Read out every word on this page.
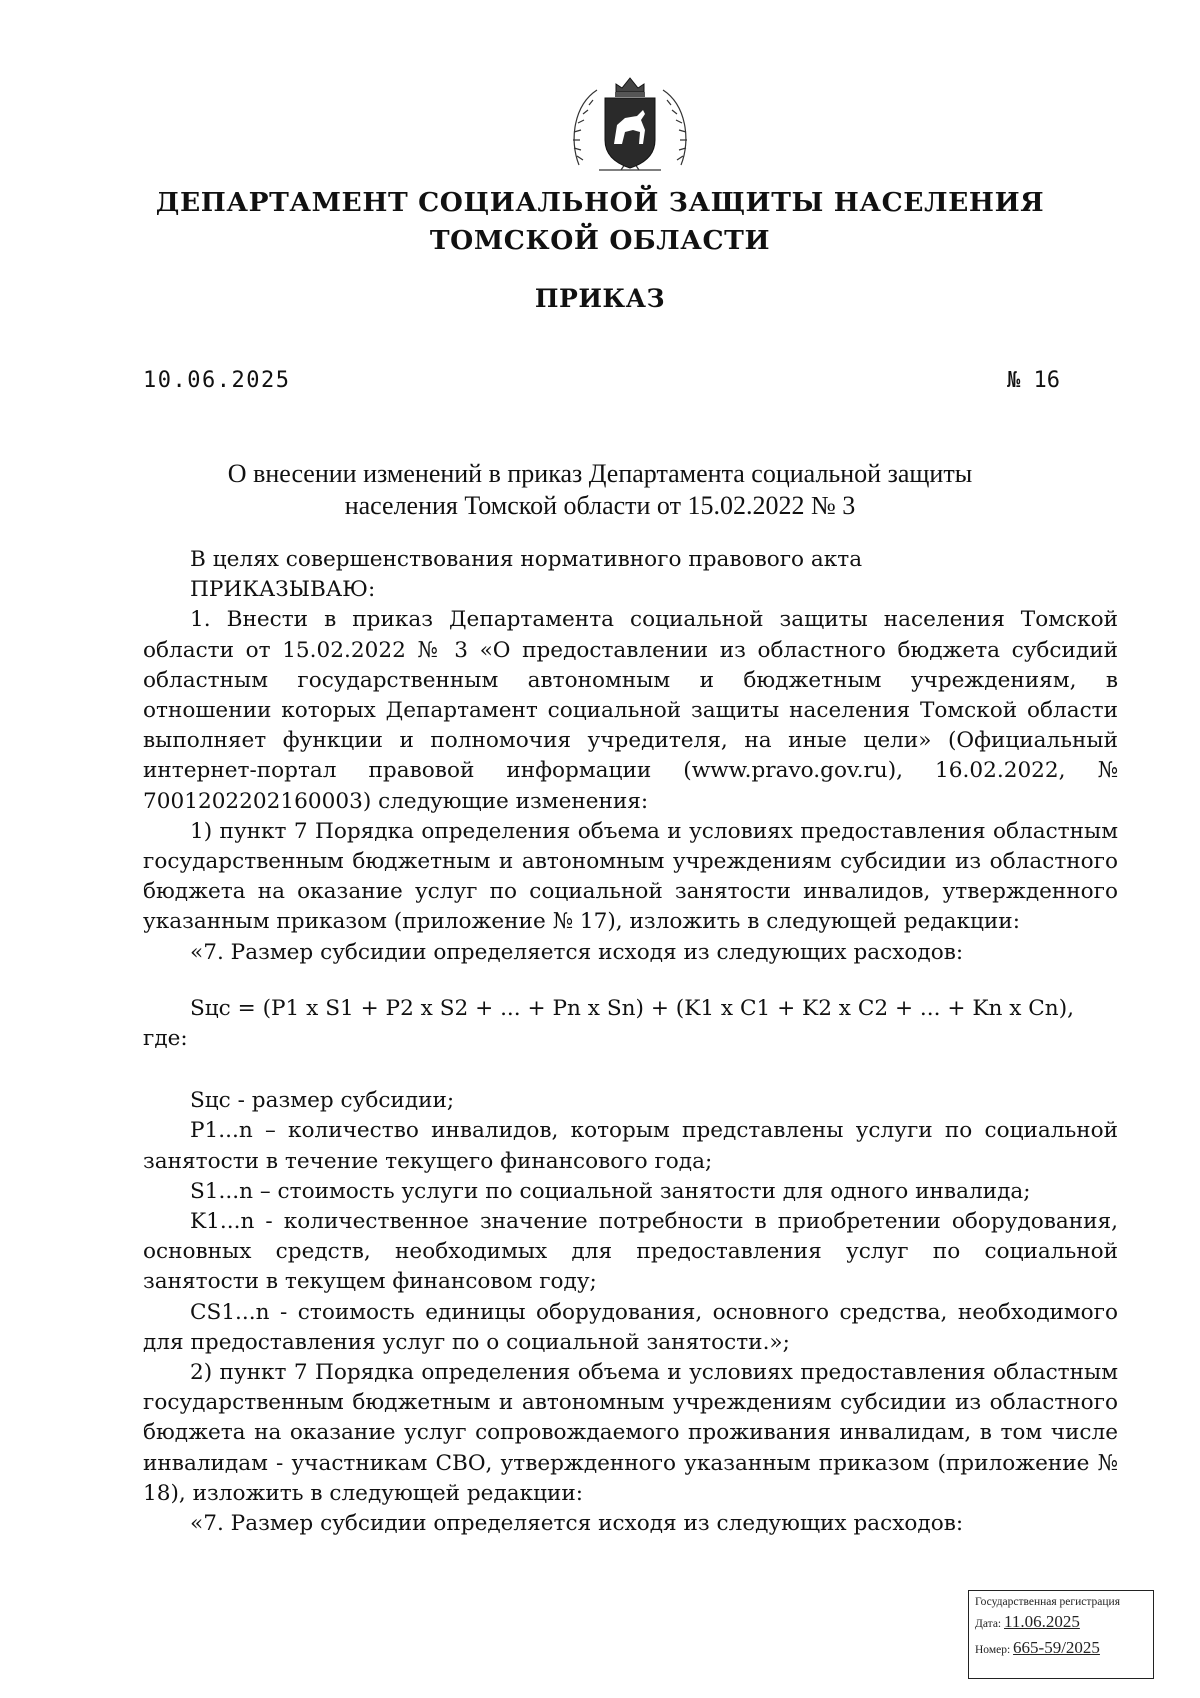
ДЕПАРТАМЕНТ СОЦИАЛЬНОЙ ЗАЩИТЫ НАСЕЛЕНИЯ
ТОМСКОЙ ОБЛАСТИ
ПРИКАЗ
10.06.2025	№ 16
О внесении изменений в приказ Департамента социальной защиты
населения Томской области от 15.02.2022 № 3

В целях совершенствования нормативного правового акта

ПРИКАЗЫВАЮ:

1. Внести в приказ Департамента социальной защиты населения Томской области от 15.02.2022 № 3 «О предоставлении из областного бюджета субсидий областным государственным автономным и бюджетным учреждениям, в отношении которых Департамент социальной защиты населения Томской области выполняет функции и полномочия учредителя, на иные цели» (Официальный интернет-портал правовой информации (www.pravo.gov.ru), 16.02.2022, № 7001202202160003) следующие изменения:

1) пункт 7 Порядка определения объема и условиях предоставления областным государственным бюджетным и автономным учреждениям субсидии из областного бюджета на оказание услуг по социальной занятости инвалидов, утвержденного указанным приказом (приложение № 17), изложить в следующей редакции:

«7. Размер субсидии определяется исходя из следующих расходов:

Sцс = (P1 x S1 + P2 x S2 + ... + Pn x Sn) + (K1 x C1 + K2 x C2 + ... + Kn x Cn), где:

Sцс - размер субсидии;

P1...n – количество инвалидов, которым представлены услуги по социальной занятости в течение текущего финансового года;

S1...n – стоимость услуги по социальной занятости для одного инвалида;

K1...n - количественное значение потребности в приобретении оборудования, основных средств, необходимых для предоставления услуг по социальной занятости в текущем финансовом году;

CS1...n - стоимость единицы оборудования, основного средства, необходимого для предоставления услуг по о социальной занятости.»;

2) пункт 7 Порядка определения объема и условиях предоставления областным государственным бюджетным и автономным учреждениям субсидии из областного бюджета на оказание услуг сопровождаемого проживания инвалидам, в том числе инвалидам - участникам СВО, утвержденного указанным приказом (приложение № 18), изложить в следующей редакции:

«7. Размер субсидии определяется исходя из следующих расходов:

Государственная регистрация
Дата: 11.06.2025
Номер: 665-59/2025
